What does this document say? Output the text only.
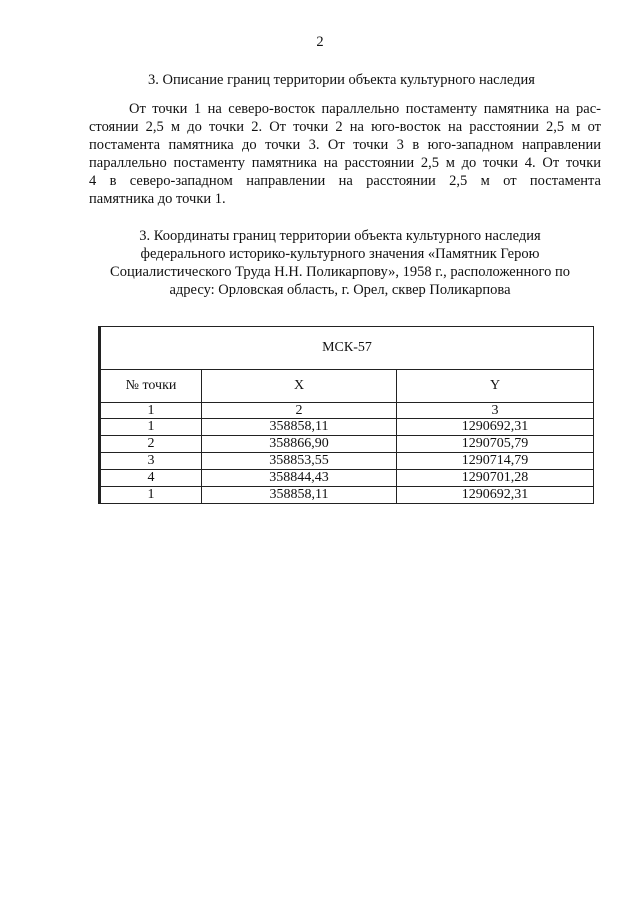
2
3. Описание границ территории объекта культурного наследия
От точки 1 на северо-восток параллельно постаменту памятника на рас-
стоянии 2,5 м до точки 2. От точки 2 на юго-восток на расстоянии 2,5 м от
постамента памятника до точки 3. От точки 3 в юго-западном направлении
параллельно постаменту памятника на расстоянии 2,5 м до точки 4. От точки
4 в северо-западном направлении на расстоянии 2,5 м от постамента
памятника до точки 1.
3. Координаты границ территории объекта культурного наследия
федерального историко-культурного значения «Памятник Герою
Социалистического Труда Н.Н. Поликарпову», 1958 г., расположенного по
адресу: Орловская область, г. Орел, сквер Поликарпова
МСК-57		
№ точки	X	Y
1	2	3
1	358858,11	1290692,31
2	358866,90	1290705,79
3	358853,55	1290714,79
4	358844,43	1290701,28
1	358858,11	1290692,31
